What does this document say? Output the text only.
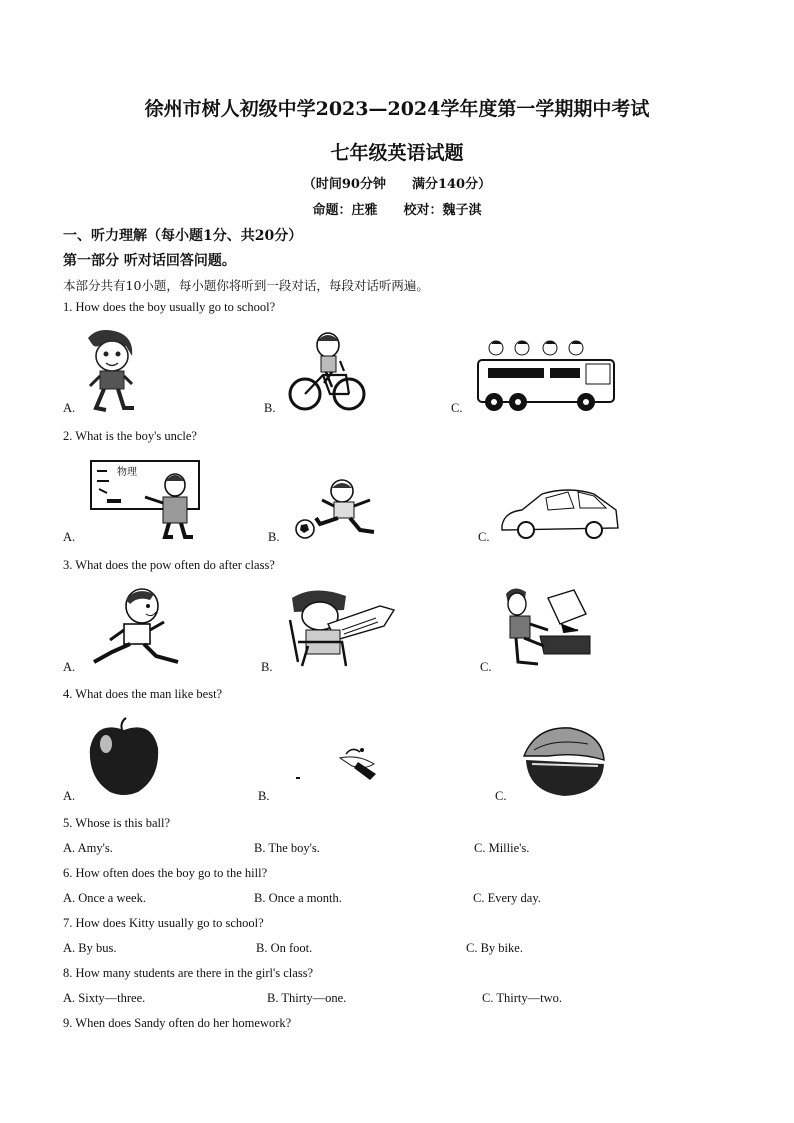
徐州市树人初级中学2023—2024学年度第一学期期中考试
七年级英语试题
（时间90分钟 满分140分）
命题：庄雅 校对：魏子淇
一、听力理解（每小题1分、共20分）
第一部分 听对话回答问题。
本部分共有10小题，每小题你将听到一段对话，每段对话听两遍。
1. How does the boy usually go to school?
A.	B.	C.
2. What is the boy's uncle?
A.	B.	C.
物理
3. What does the pow often do after class?
A.	B.	C.
4. What does the man like best?
A.	B.	C.
5. Whose is this ball?
A. Amy's.	B. The boy's.	C. Millie's.
6. How often does the boy go to the hill?
A. Once a week.	B. Once a month.	C. Every day.
7. How does Kitty usually go to school?
A. By bus.	B. On foot.	C. By bike.
8. How many students are there in the girl's class?
A. Sixty—three.	B. Thirty—one.	C. Thirty—two.
9. When does Sandy often do her homework?
